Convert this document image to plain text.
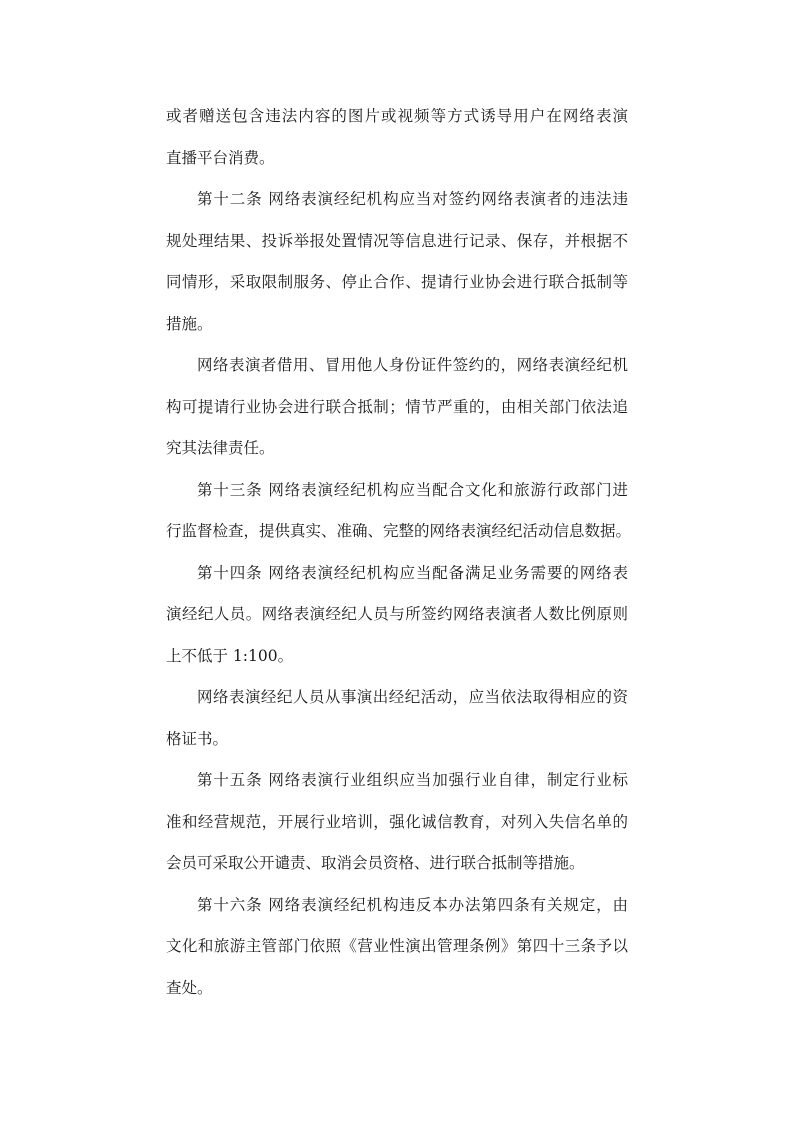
或者赠送包含违法内容的图片或视频等方式诱导用户在网络表演
直播平台消费。
第十二条 网络表演经纪机构应当对签约网络表演者的违法违
规处理结果、投诉举报处置情况等信息进行记录、保存，并根据不
同情形，采取限制服务、停止合作、提请行业协会进行联合抵制等
措施。
网络表演者借用、冒用他人身份证件签约的，网络表演经纪机
构可提请行业协会进行联合抵制；情节严重的，由相关部门依法追
究其法律责任。
第十三条 网络表演经纪机构应当配合文化和旅游行政部门进
行监督检查，提供真实、准确、完整的网络表演经纪活动信息数据。
第十四条 网络表演经纪机构应当配备满足业务需要的网络表
演经纪人员。网络表演经纪人员与所签约网络表演者人数比例原则
上不低于 1:100。
网络表演经纪人员从事演出经纪活动，应当依法取得相应的资
格证书。
第十五条 网络表演行业组织应当加强行业自律，制定行业标
准和经营规范，开展行业培训，强化诚信教育，对列入失信名单的
会员可采取公开谴责、取消会员资格、进行联合抵制等措施。
第十六条 网络表演经纪机构违反本办法第四条有关规定，由
文化和旅游主管部门依照《营业性演出管理条例》第四十三条予以
查处。
